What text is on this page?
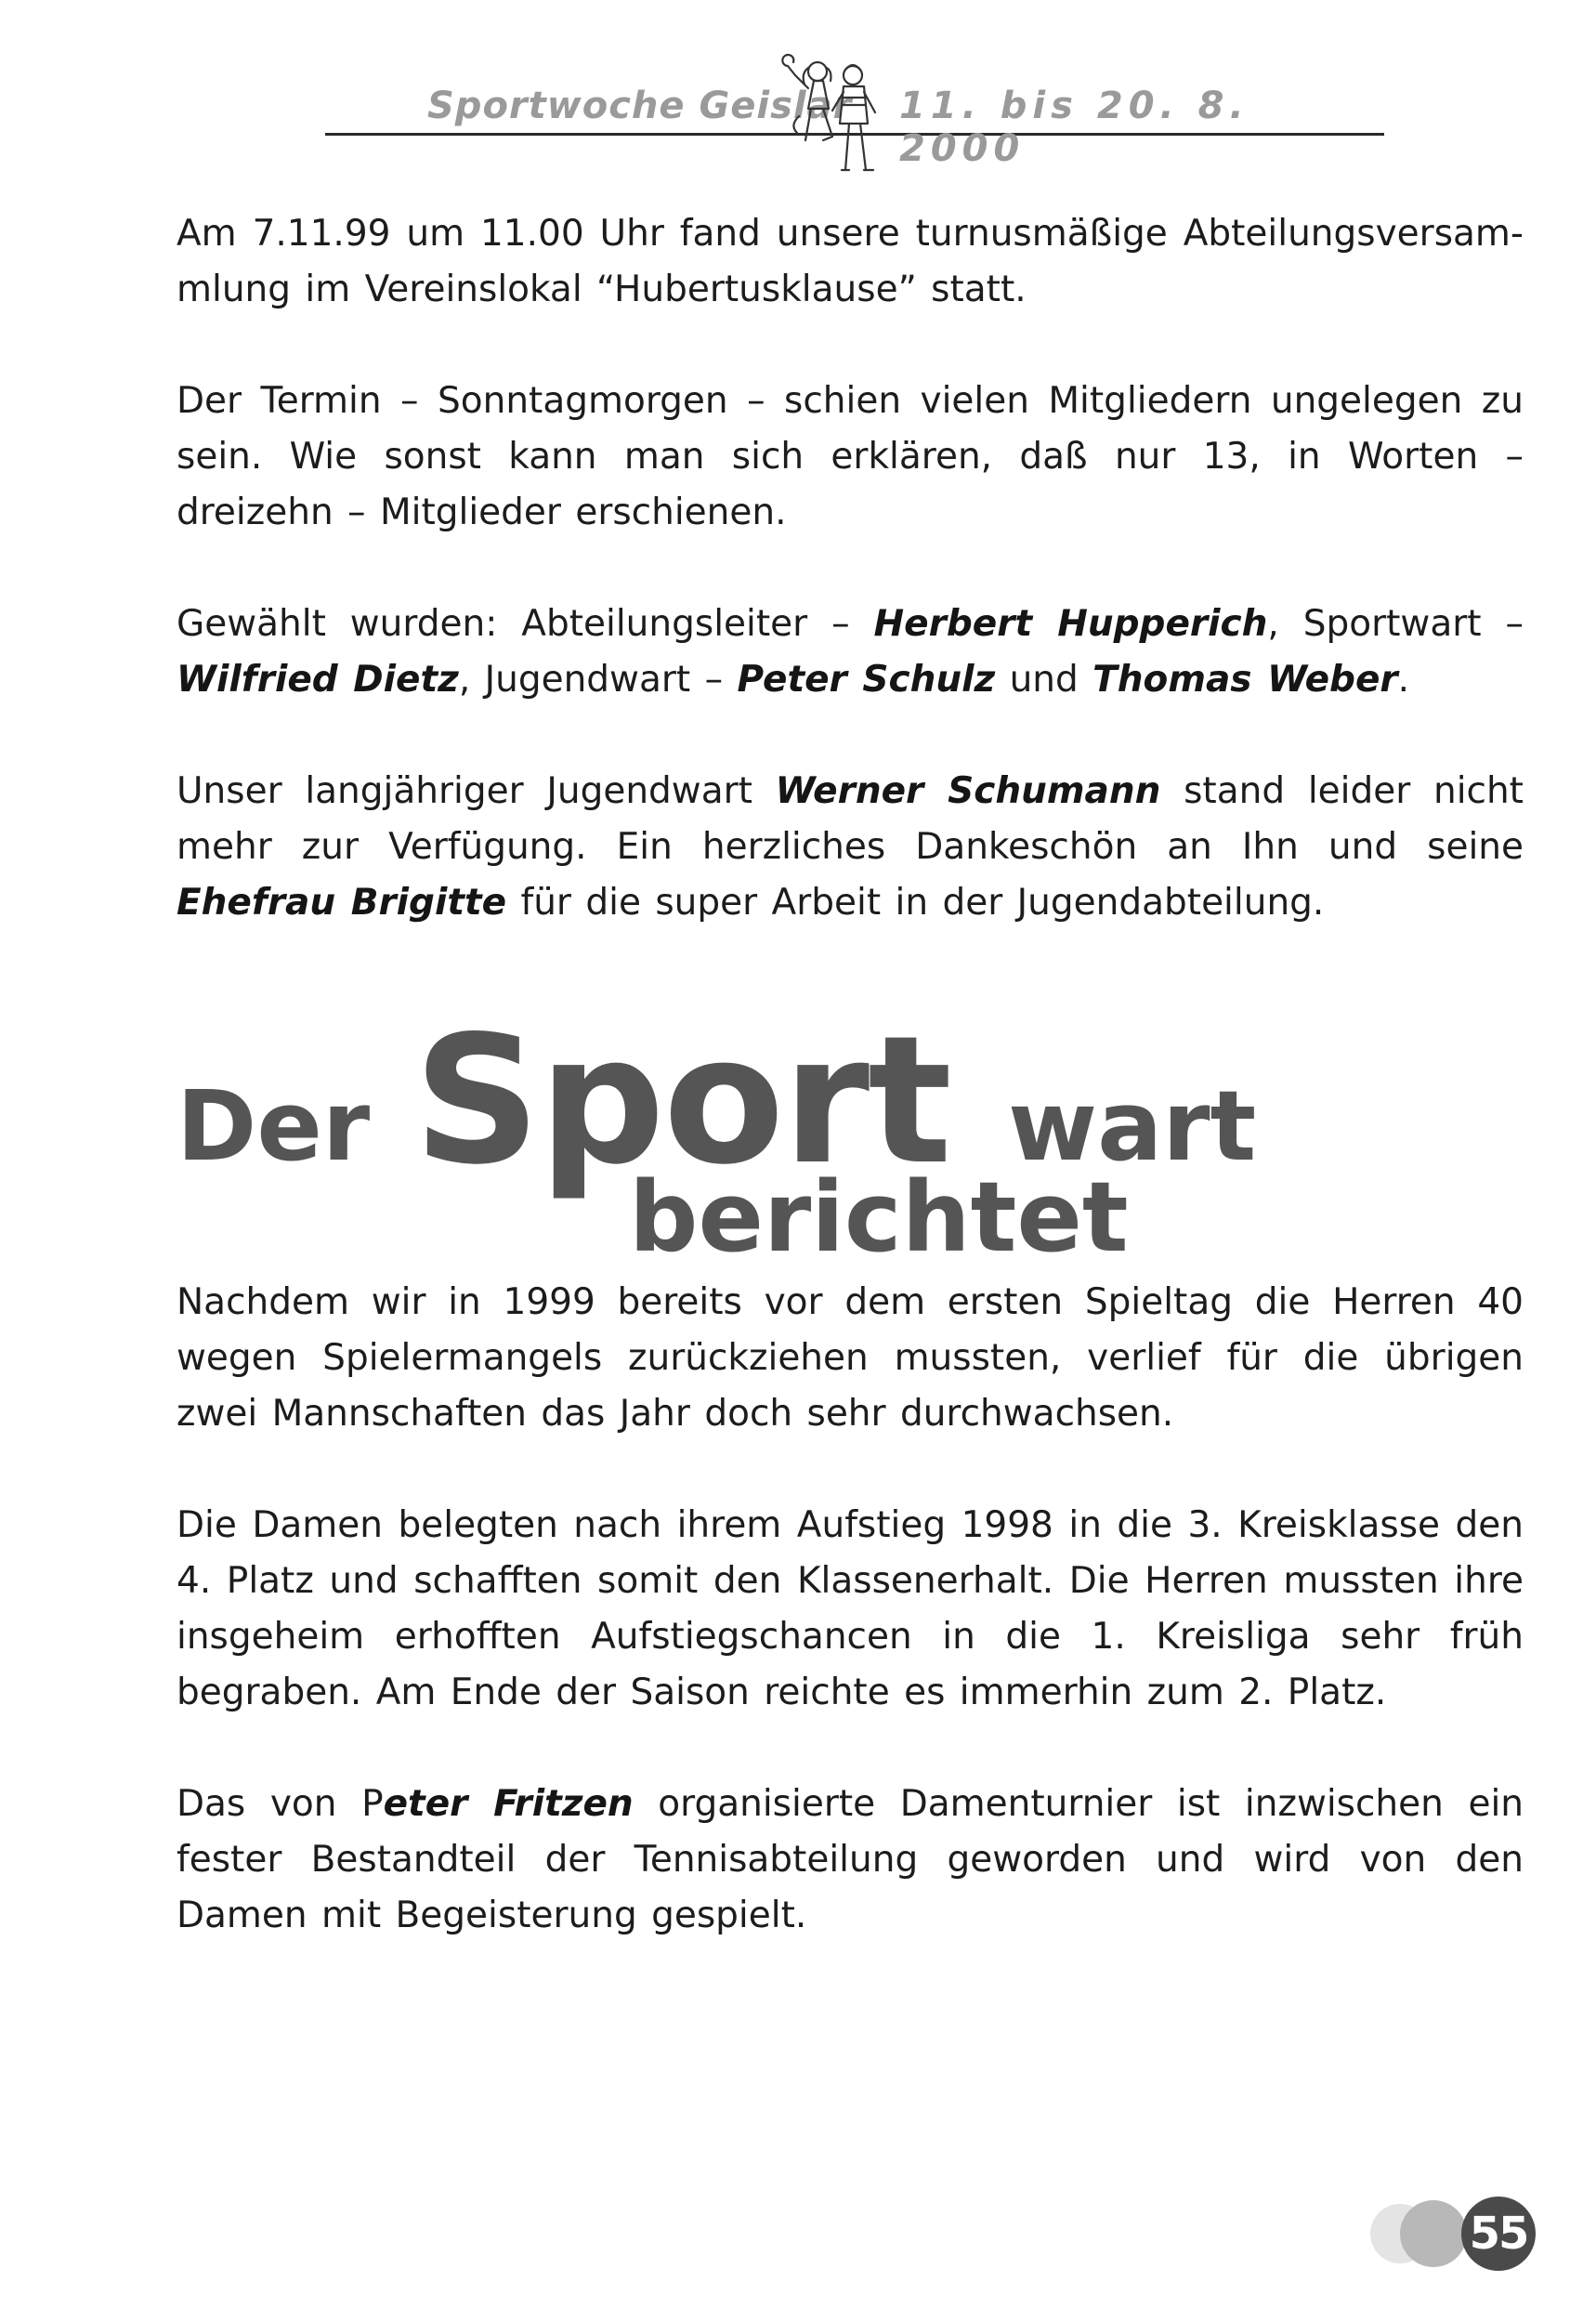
Sportwoche Geislar 11. bis 20. 8. 2000

Am 7.11.99 um 11.00 Uhr fand unsere turnusmäßige Abteilungsversammlung im Vereinslokal “Hubertusklause” statt.

Der Termin – Sonntagmorgen – schien vielen Mitgliedern ungelegen zu sein. Wie sonst kann man sich erklären, daß nur 13, in Worten – dreizehn – Mitglieder erschienen.

Gewählt wurden: Abteilungsleiter – Herbert Hupperich, Sportwart – Wilfried Dietz, Jugendwart – Peter Schulz und Thomas Weber.

Unser langjähriger Jugendwart Werner Schumann stand leider nicht mehr zur Verfügung. Ein herzliches Dankeschön an Ihn und seine Ehefrau Brigitte für die super Arbeit in der Jugendabteilung.

Der Sport wart
berichtet

Nachdem wir in 1999 bereits vor dem ersten Spieltag die Herren 40 wegen Spielermangels zurückziehen mussten, verlief für die übrigen zwei Mannschaften das Jahr doch sehr durchwachsen.

Die Damen belegten nach ihrem Aufstieg 1998 in die 3. Kreisklasse den 4. Platz und schafften somit den Klassenerhalt. Die Herren mussten ihre insgeheim erhofften Aufstiegschancen in die 1. Kreisliga sehr früh begraben. Am Ende der Saison reichte es immerhin zum 2. Platz.

Das von Peter Fritzen organisierte Damenturnier ist inzwischen ein fester Bestandteil der Tennisabteilung geworden und wird von den Damen mit Begeisterung gespielt.

55
